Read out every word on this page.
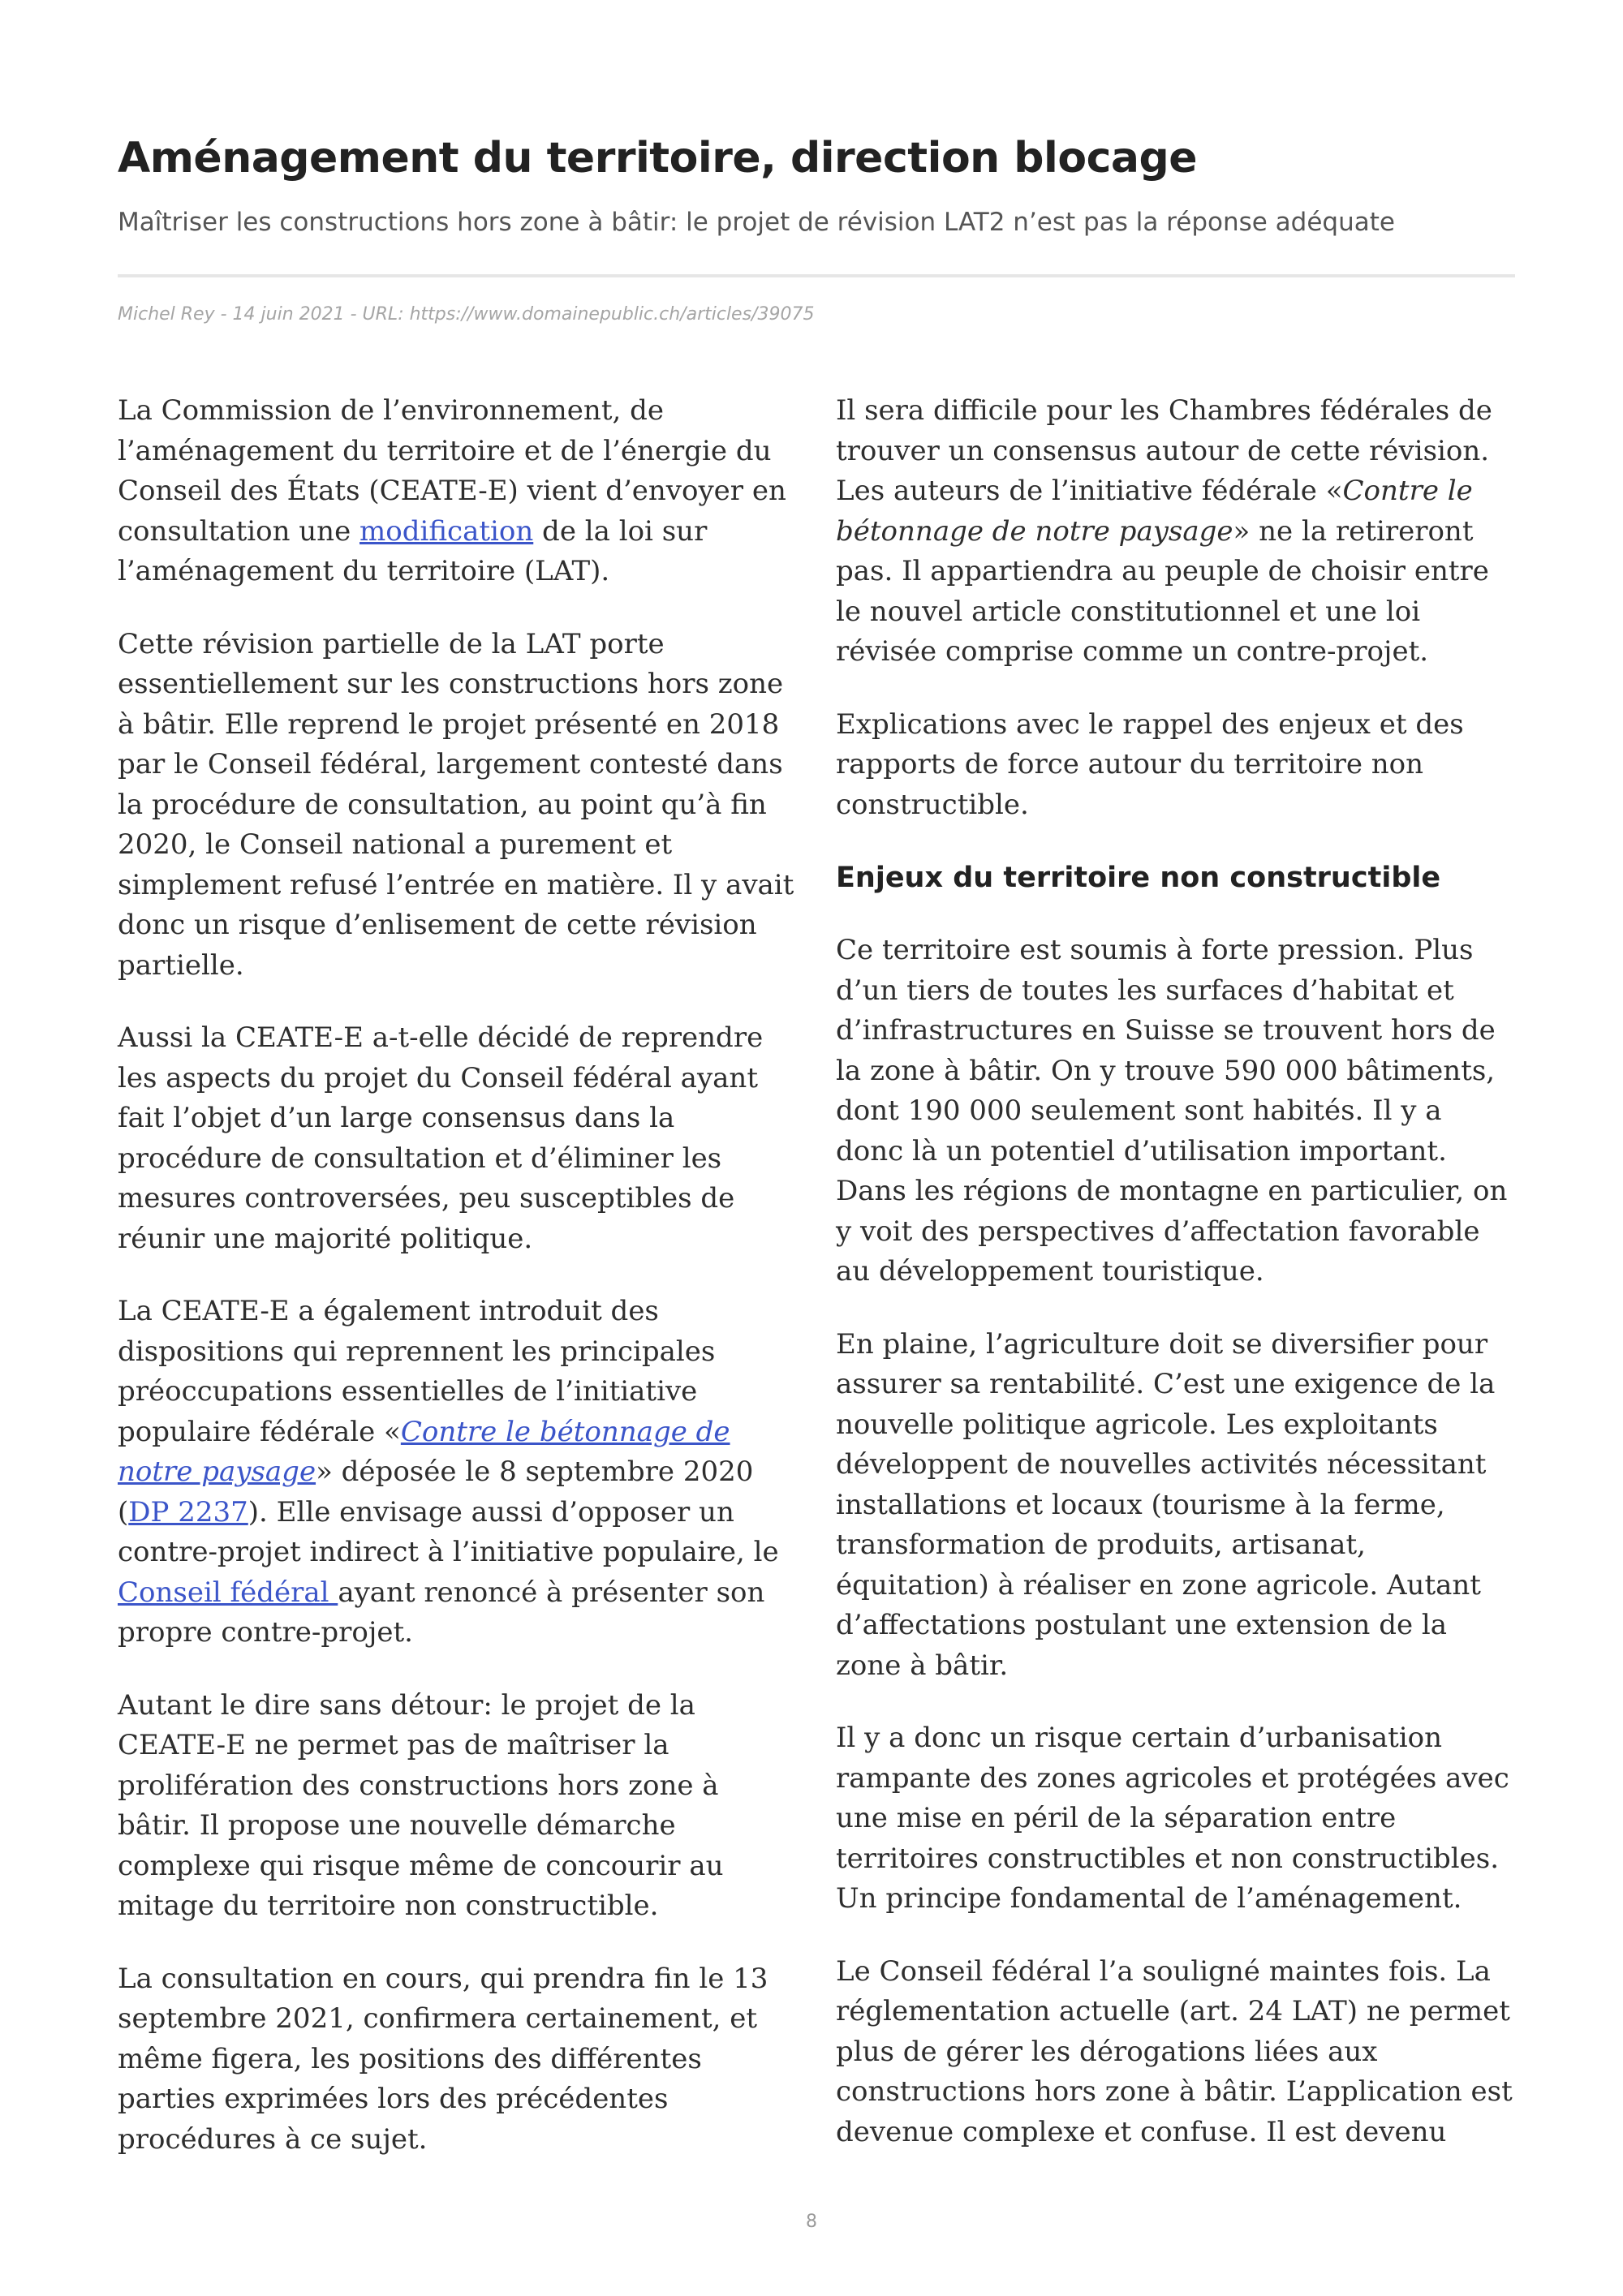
Aménagement du territoire, direction blocage

Maîtriser les constructions hors zone à bâtir: le projet de révision LAT2 n’est pas la réponse adéquate

Michel Rey - 14 juin 2021 - URL: https://www.domainepublic.ch/articles/39075

La Commission de l’environnement, de l’aménagement du territoire et de l’énergie du Conseil des États (CEATE-E) vient d’envoyer en consultation une modification de la loi sur l’aménagement du territoire (LAT).

Cette révision partielle de la LAT porte essentiellement sur les constructions hors zone à bâtir. Elle reprend le projet présenté en 2018 par le Conseil fédéral, largement contesté dans la procédure de consultation, au point qu’à fin 2020, le Conseil national a purement et simplement refusé l’entrée en matière. Il y avait donc un risque d’enlisement de cette révision partielle.

Aussi la CEATE-E a-t-elle décidé de reprendre les aspects du projet du Conseil fédéral ayant fait l’objet d’un large consensus dans la procédure de consultation et d’éliminer les mesures controversées, peu susceptibles de réunir une majorité politique.

La CEATE-E a également introduit des dispositions qui reprennent les principales préoccupations essentielles de l’initiative populaire fédérale «Contre le bétonnage de notre paysage» déposée le 8 septembre 2020 (DP 2237). Elle envisage aussi d’opposer un contre-projet indirect à l’initiative populaire, le Conseil fédéral ayant renoncé à présenter son propre contre-projet.

Autant le dire sans détour: le projet de la CEATE-E ne permet pas de maîtriser la prolifération des constructions hors zone à bâtir. Il propose une nouvelle démarche complexe qui risque même de concourir au mitage du territoire non constructible.

La consultation en cours, qui prendra fin le 13 septembre 2021, confirmera certainement, et même figera, les positions des différentes parties exprimées lors des précédentes procédures à ce sujet.

Il sera difficile pour les Chambres fédérales de trouver un consensus autour de cette révision. Les auteurs de l’initiative fédérale «Contre le bétonnage de notre paysage» ne la retireront pas. Il appartiendra au peuple de choisir entre le nouvel article constitutionnel et une loi révisée comprise comme un contre-projet.

Explications avec le rappel des enjeux et des rapports de force autour du territoire non constructible.

Enjeux du territoire non constructible

Ce territoire est soumis à forte pression. Plus d’un tiers de toutes les surfaces d’habitat et d’infrastructures en Suisse se trouvent hors de la zone à bâtir. On y trouve 590 000 bâtiments, dont 190 000 seulement sont habités. Il y a donc là un potentiel d’utilisation important. Dans les régions de montagne en particulier, on y voit des perspectives d’affectation favorable au développement touristique.

En plaine, l’agriculture doit se diversifier pour assurer sa rentabilité. C’est une exigence de la nouvelle politique agricole. Les exploitants développent de nouvelles activités nécessitant installations et locaux (tourisme à la ferme, transformation de produits, artisanat, équitation) à réaliser en zone agricole. Autant d’affectations postulant une extension de la zone à bâtir.

Il y a donc un risque certain d’urbanisation rampante des zones agricoles et protégées avec une mise en péril de la séparation entre territoires constructibles et non constructibles. Un principe fondamental de l’aménagement.

Le Conseil fédéral l’a souligné maintes fois. La réglementation actuelle (art. 24 LAT) ne permet plus de gérer les dérogations liées aux constructions hors zone à bâtir. L’application est devenue complexe et confuse. Il est devenu

8
